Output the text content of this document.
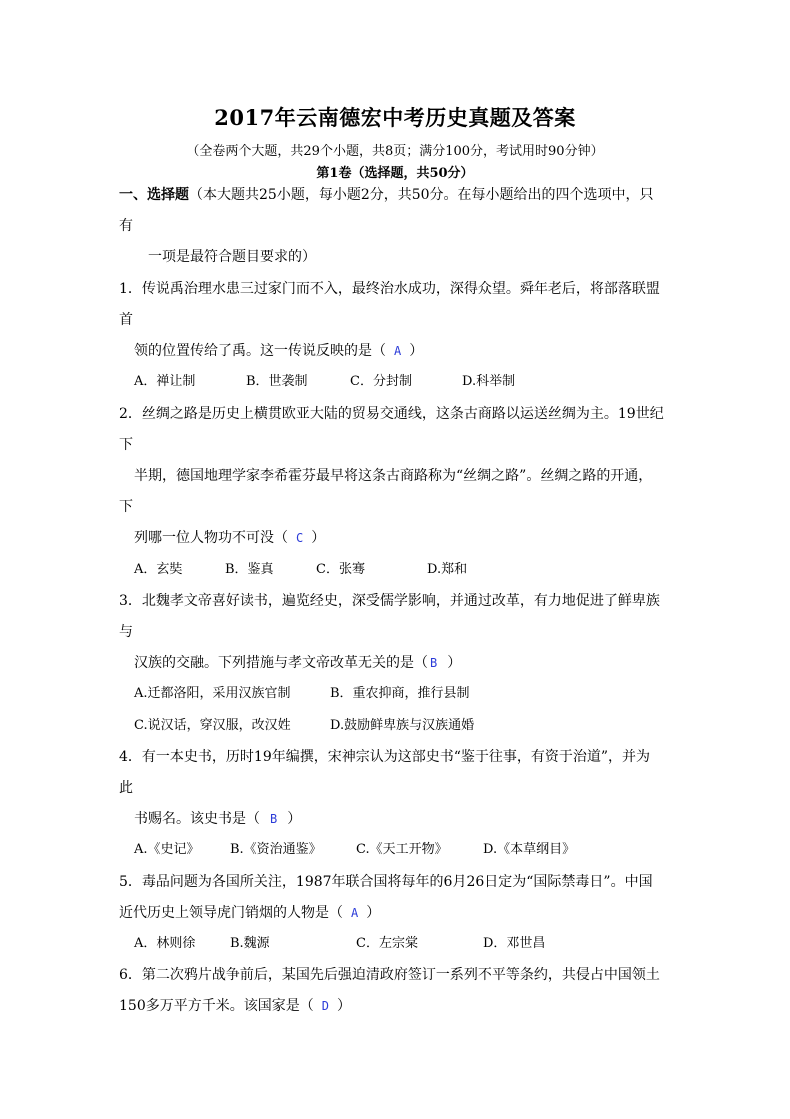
2017年云南德宏中考历史真题及答案
（全卷两个大题，共29个小题，共8页；满分100分，考试用时90分钟）
第1卷（选择题，共50分）
一、选择题（本大题共25小题，每小题2分，共50分。在每小题给出的四个选项中，只
有
一项是最符合题目要求的）
1．传说禹治理水患三过家门而不入，最终治水成功，深得众望。舜年老后，将部落联盟
首
领的位置传给了禹。这一传说反映的是（ A ）
A．禅让制	B．世袭制	C．分封制	D.科举制
2．丝绸之路是历史上横贯欧亚大陆的贸易交通线，这条古商路以运送丝绸为主。19世纪
下
半期，德国地理学家李希霍芬最早将这条古商路称为“丝绸之路”。丝绸之路的开通，
下
列哪一位人物功不可没（ C ）
A．玄奘	B．鉴真	C．张骞	D.郑和
3．北魏孝文帝喜好读书，遍览经史，深受儒学影响，并通过改革，有力地促进了鲜卑族
与
汉族的交融。下列措施与孝文帝改革无关的是（ B ）
A.迁都洛阳，采用汉族官制	B．重农抑商，推行县制
C.说汉话，穿汉服，改汉姓	D.鼓励鲜卑族与汉族通婚
4．有一本史书，历时19年编撰，宋神宗认为这部史书“鉴于往事，有资于治道”，并为
此
书赐名。该史书是（ B ）
A.《史记》 B.《资治通鉴》	C.《天工开物》	D.《本草纲目》
5．毒品问题为各国所关注，1987年联合国将每年的6月26日定为“国际禁毒日”。中国
近代历史上领导虎门销烟的人物是（ A ）
A．林则徐	B.魏源	C．左宗棠	D．邓世昌
6．第二次鸦片战争前后，某国先后强迫清政府签订一系列不平等条约，共侵占中国领土
150多万平方千米。该国家是（ D ）
